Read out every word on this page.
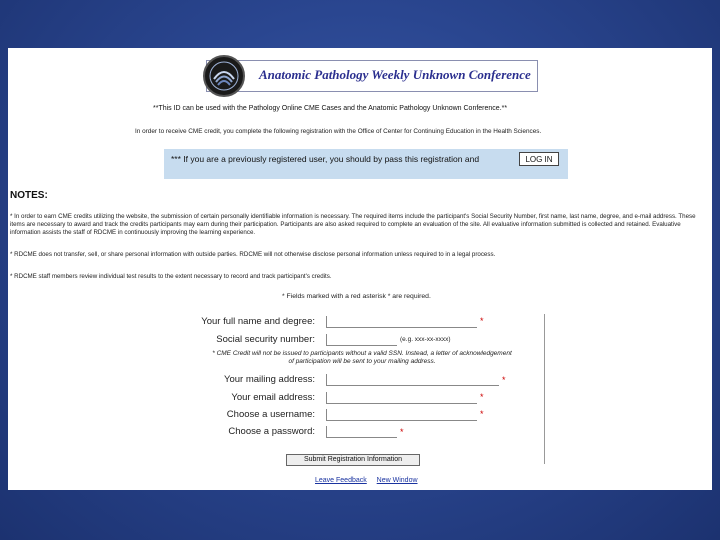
Anatomic Pathology Weekly Unknown Conference
**This ID can be used with the Pathology Online CME Cases and the Anatomic Pathology Unknown Conference.**
In order to receive CME credit, you complete the following registration with the Office of Center for Continuing Education in the Health Sciences.
*** If you are a previously registered user, you should by pass this registration and	LOG IN
NOTES:
* In order to earn CME credits utilizing the website, the submission of certain personally identifiable information is necessary. The required items include the participant's Social Security Number, first name, last name, degree, and e-mail address. These items are necessary to award and track the credits participants may earn during their participation. Participants are also asked required to complete an evaluation of the site. All evaluative information submitted is collected and retained. Evaluative information assists the staff of RDCME in continuously improving the learning experience.
* RDCME does not transfer, sell, or share personal information with outside parties. RDCME will not otherwise disclose personal information unless required to in a legal process.
* RDCME staff members review individual test results to the extent necessary to record and track participant's credits.
* Fields marked with a red asterisk * are required.
Your full name and degree:	*
Social security number:	(e.g. xxx-xx-xxxx)
* CME Credit will not be issued to participants without a valid SSN. Instead, a letter of acknowledgement of participation will be sent to your mailing address.
Your mailing address:	*
Your email address:	*
Choose a username:	*
Choose a password:	*
Submit Registration Information
Leave Feedback New Window
